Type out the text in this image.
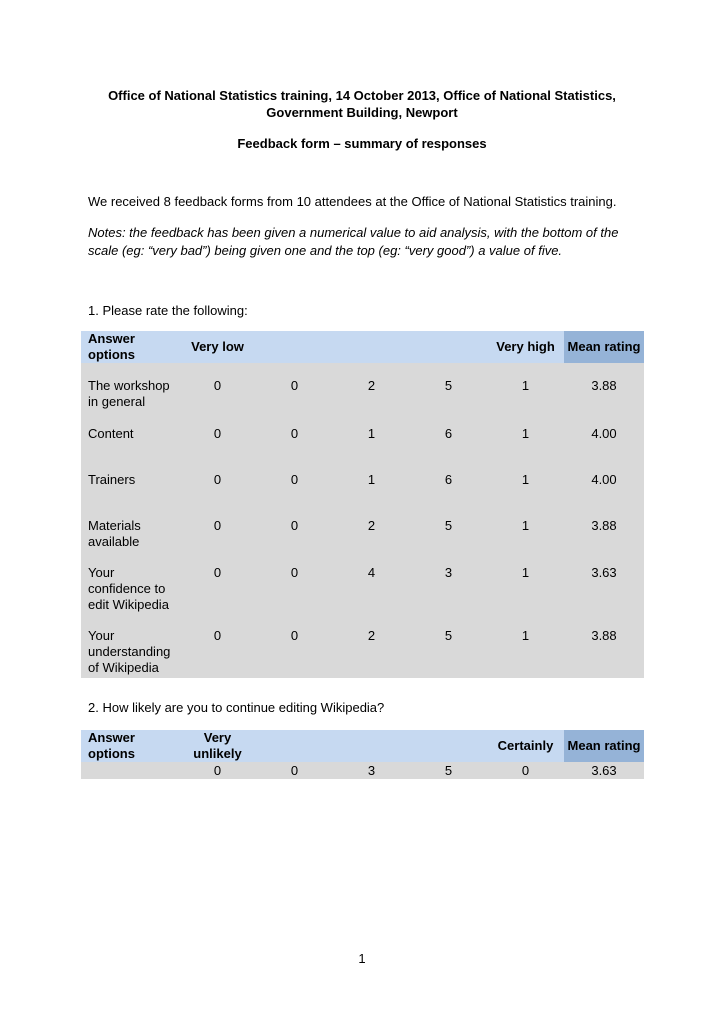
Office of National Statistics training, 14 October 2013, Office of National Statistics,
Government Building, Newport
Feedback form – summary of responses
We received 8 feedback forms from 10 attendees at the Office of National Statistics training.
Notes: the feedback has been given a numerical value to aid analysis, with the bottom of the scale (eg: “very bad”) being given one and the top (eg: “very good”) a value of five.
1. Please rate the following:
Answer options	Very low				Very high	Mean rating
The workshop in general	0	0	2	5	1	3.88
Content	0	0	1	6	1	4.00
Trainers	0	0	1	6	1	4.00
Materials available	0	0	2	5	1	3.88
Your confidence to edit Wikipedia	0	0	4	3	1	3.63
Your understanding of Wikipedia	0	0	2	5	1	3.88
2. How likely are you to continue editing Wikipedia?
Answer options	Very unlikely				Certainly	Mean rating
	0	0	3	5	0	3.63
1
